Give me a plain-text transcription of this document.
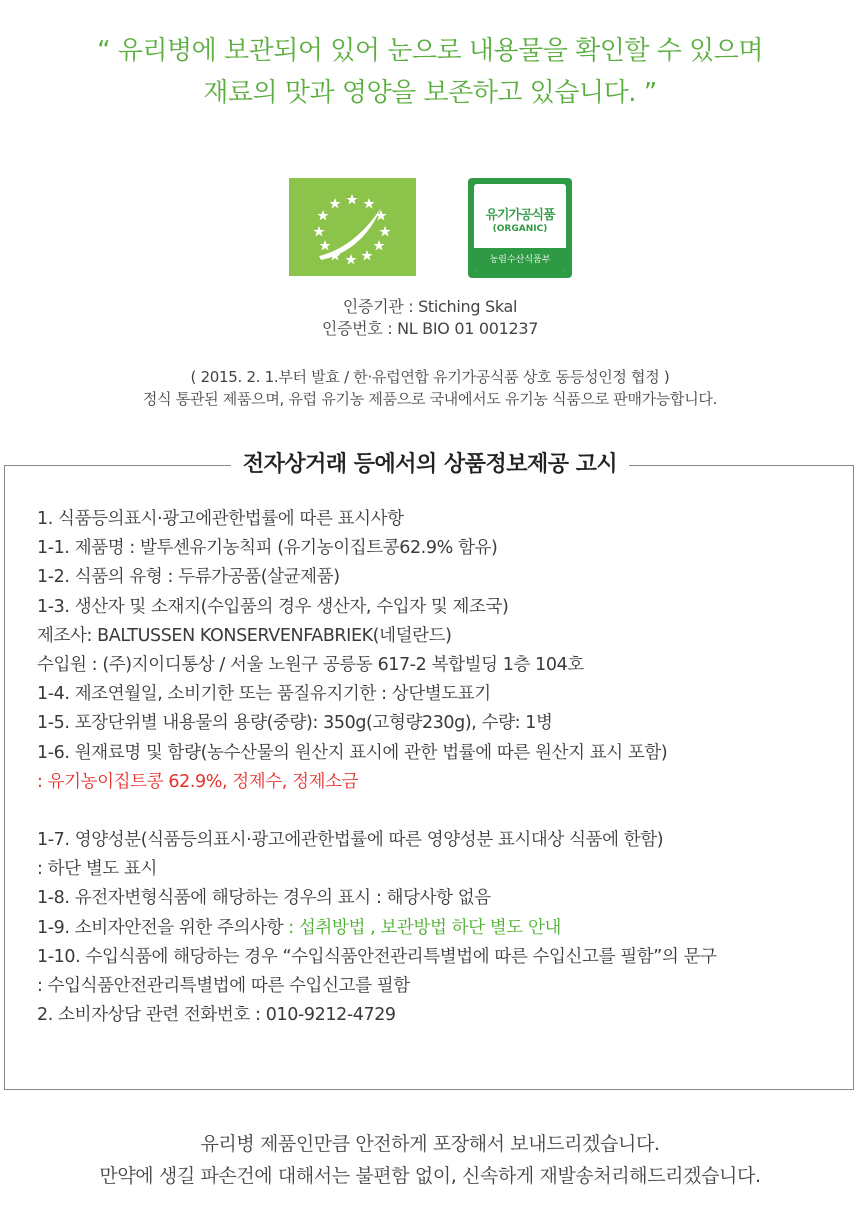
“ 유리병에 보관되어 있어 눈으로 내용물을 확인할 수 있으며
재료의 맛과 영양을 보존하고 있습니다. ”
유기가공식품
(ORGANIC)
농림수산식품부
인증기관 : Stiching Skal
인증번호 : NL BIO 01 001237
( 2015. 2. 1.부터 발효 / 한·유럽연합 유기가공식품 상호 동등성인정 협정 )
정식 통관된 제품으며, 유럽 유기농 제품으로 국내에서도 유기농 식품으로 판매가능합니다.
전자상거래 등에서의 상품정보제공 고시
1. 식품등의표시·광고에관한법률에 따른 표시사항
1-1. 제품명 : 발투센유기농칙피 (유기농이집트콩62.9% 함유)
1-2. 식품의 유형 : 두류가공품(살균제품)
1-3. 생산자 및 소재지(수입품의 경우 생산자, 수입자 및 제조국)
제조사: BALTUSSEN KONSERVENFABRIEK(네덜란드)
수입원 : (주)지이디통상 / 서울 노원구 공릉동 617-2 복합빌딩 1층 104호
1-4. 제조연월일, 소비기한 또는 품질유지기한 : 상단별도표기
1-5. 포장단위별 내용물의 용량(중량): 350g(고형량230g), 수량: 1병
1-6. 원재료명 및 함량(농수산물의 원산지 표시에 관한 법률에 따른 원산지 표시 포함)
: 유기농이집트콩 62.9%, 정제수, 정제소금
1-7. 영양성분(식품등의표시·광고에관한법률에 따른 영양성분 표시대상 식품에 한함)
: 하단 별도 표시
1-8. 유전자변형식품에 해당하는 경우의 표시 : 해당사항 없음
1-9. 소비자안전을 위한 주의사항 : 섭취방법 , 보관방법 하단 별도 안내
1-10. 수입식품에 해당하는 경우 “수입식품안전관리특별법에 따른 수입신고를 필함”의 문구
: 수입식품안전관리특별법에 따른 수입신고를 필함
2. 소비자상담 관련 전화번호 : 010-9212-4729
유리병 제품인만큼 안전하게 포장해서 보내드리겠습니다.
만약에 생길 파손건에 대해서는 불편함 없이, 신속하게 재발송처리해드리겠습니다.
